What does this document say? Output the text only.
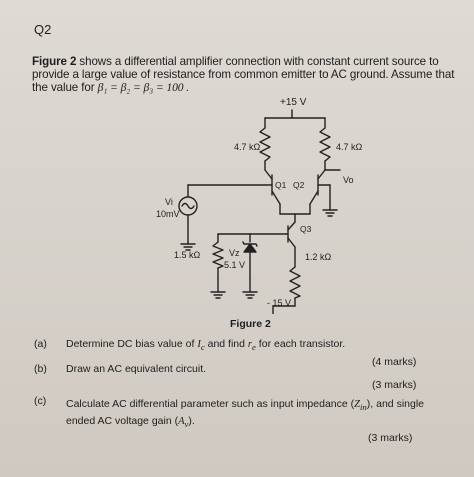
Q2
Figure 2 shows a differential amplifier connection with constant current source to provide a large value of resistance from common emitter to AC ground. Assume that the value for β₁ = β₂ = β₃ = 100 .
+15 V
4.7 kΩ	4.7 kΩ
Q1 Q2
Q3
Vo
Vi
10mV
1.5 kΩ	Vz
5.1 V
1.2 kΩ
- 15 V
Figure 2
(a) Determine DC bias value of $I_c$ and find $r_e$ for each transistor.
(4 marks)
(b) Draw an AC equivalent circuit.
(3 marks)
(c) Calculate AC differential parameter such as input impedance $(Z_{in})$, and single
ended AC voltage gain $(A_v)$.
(3 marks)
